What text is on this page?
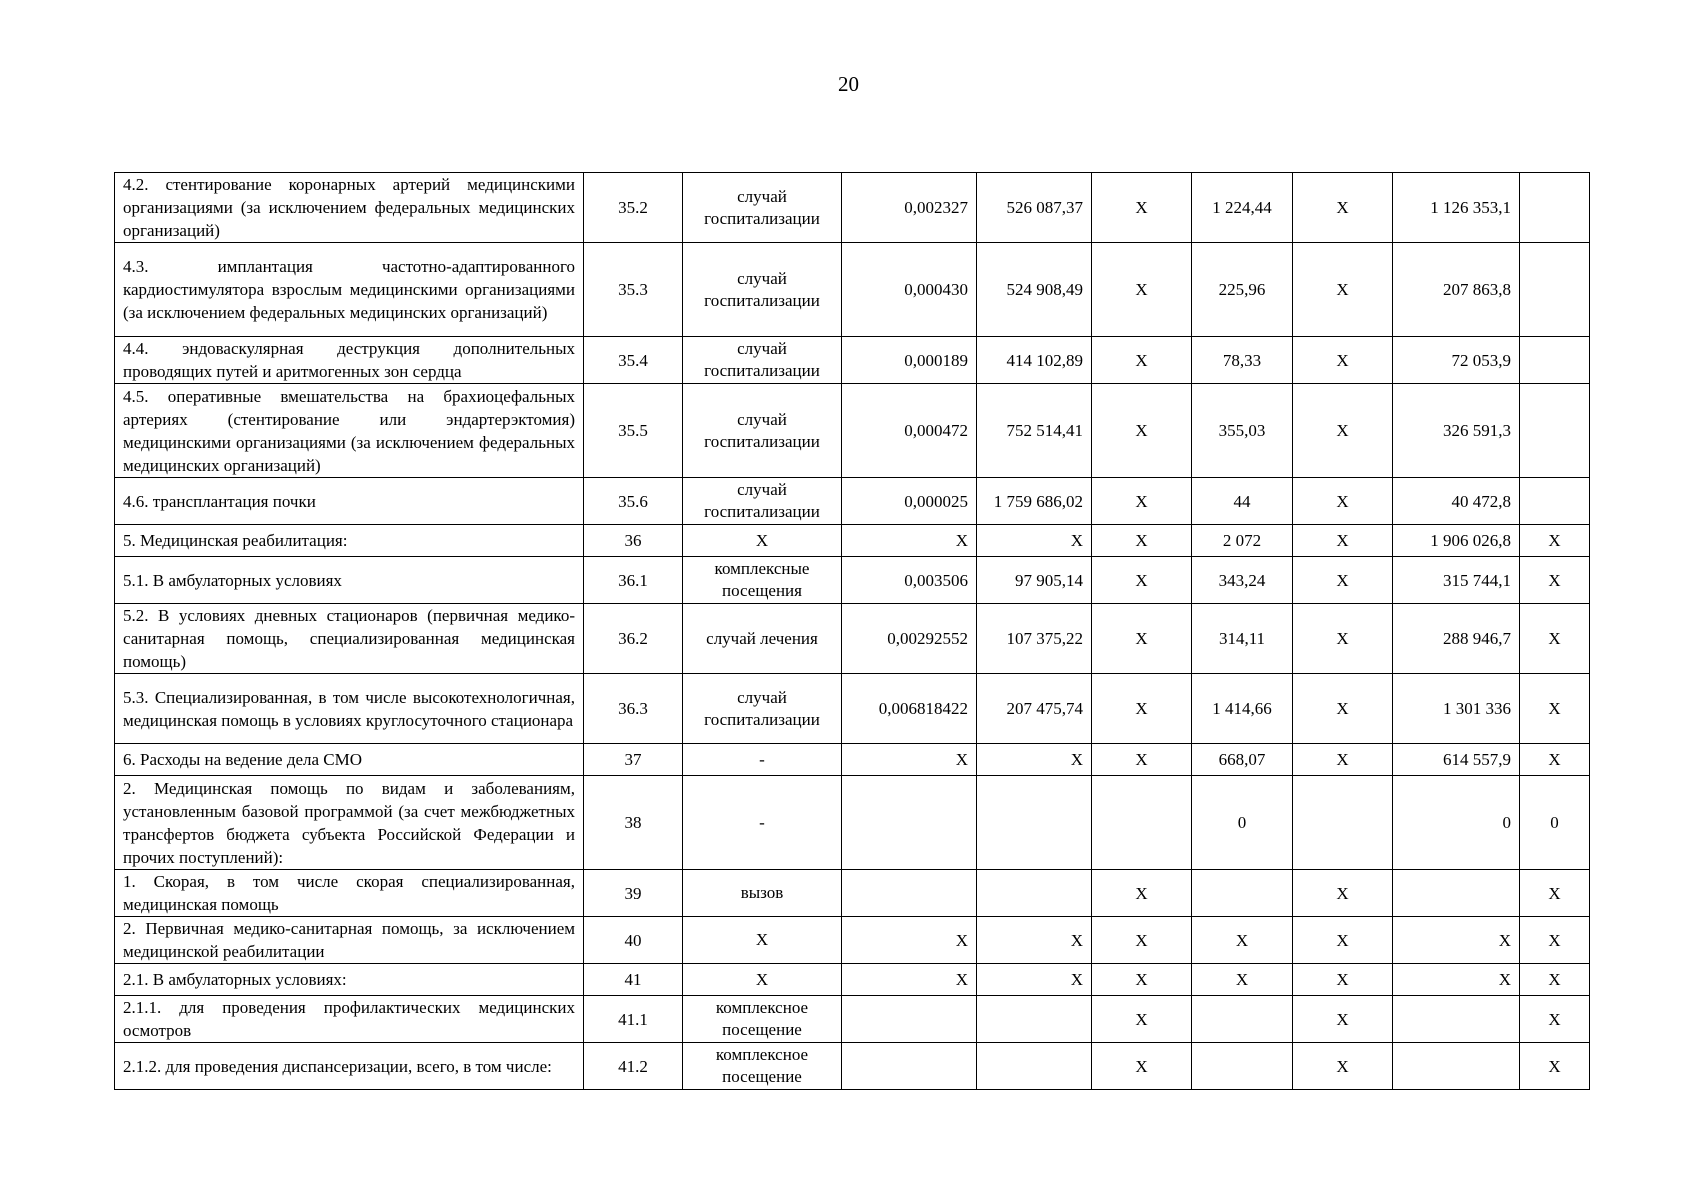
20
4.2. стентирование коронарных артерий медицинскими организациями (за исключением федеральных медицинских организаций)	35.2	случай госпитализации	0,002327	526 087,37	X	1 224,44	X	1 126 353,1	
4.3. имплантация частотно-адаптированного кардиостимулятора взрослым медицинскими организациями (за исключением федеральных медицинских организаций)	35.3	случай госпитализации	0,000430	524 908,49	X	225,96	X	207 863,8	
4.4. эндоваскулярная деструкция дополнительных проводящих путей и аритмогенных зон сердца	35.4	случай госпитализации	0,000189	414 102,89	X	78,33	X	72 053,9	
4.5. оперативные вмешательства на брахиоцефальных артериях (стентирование или эндартерэктомия) медицинскими организациями (за исключением федеральных медицинских организаций)	35.5	случай госпитализации	0,000472	752 514,41	X	355,03	X	326 591,3	
4.6. трансплантация почки	35.6	случай госпитализации	0,000025	1 759 686,02	X	44	X	40 472,8	
5. Медицинская реабилитация:	36	X	X	X	X	2 072	X	1 906 026,8	X
5.1. В амбулаторных условиях	36.1	комплексные посещения	0,003506	97 905,14	X	343,24	X	315 744,1	X
5.2. В условиях дневных стационаров (первичная медико-санитарная помощь, специализированная медицинская помощь)	36.2	случай лечения	0,00292552	107 375,22	X	314,11	X	288 946,7	X
5.3. Специализированная, в том числе высокотехнологичная, медицинская помощь в условиях круглосуточного стационара	36.3	случай госпитализации	0,006818422	207 475,74	X	1 414,66	X	1 301 336	X
6. Расходы на ведение дела СМО	37	-	X	X	X	668,07	X	614 557,9	X
2. Медицинская помощь по видам и заболеваниям, установленным базовой программой (за счет межбюджетных трансфертов бюджета субъекта Российской Федерации и прочих поступлений):	38	-				0		0	0
1. Скорая, в том числе скорая специализированная, медицинская помощь	39	вызов			X		X		X
2. Первичная медико-санитарная помощь, за исключением медицинской реабилитации	40	X	X	X	X	X	X	X	X
2.1. В амбулаторных условиях:	41	X	X	X	X	X	X	X	X
2.1.1. для проведения профилактических медицинских осмотров	41.1	комплексное посещение			X		X		X
2.1.2. для проведения диспансеризации, всего, в том числе:	41.2	комплексное посещение			X		X		X
